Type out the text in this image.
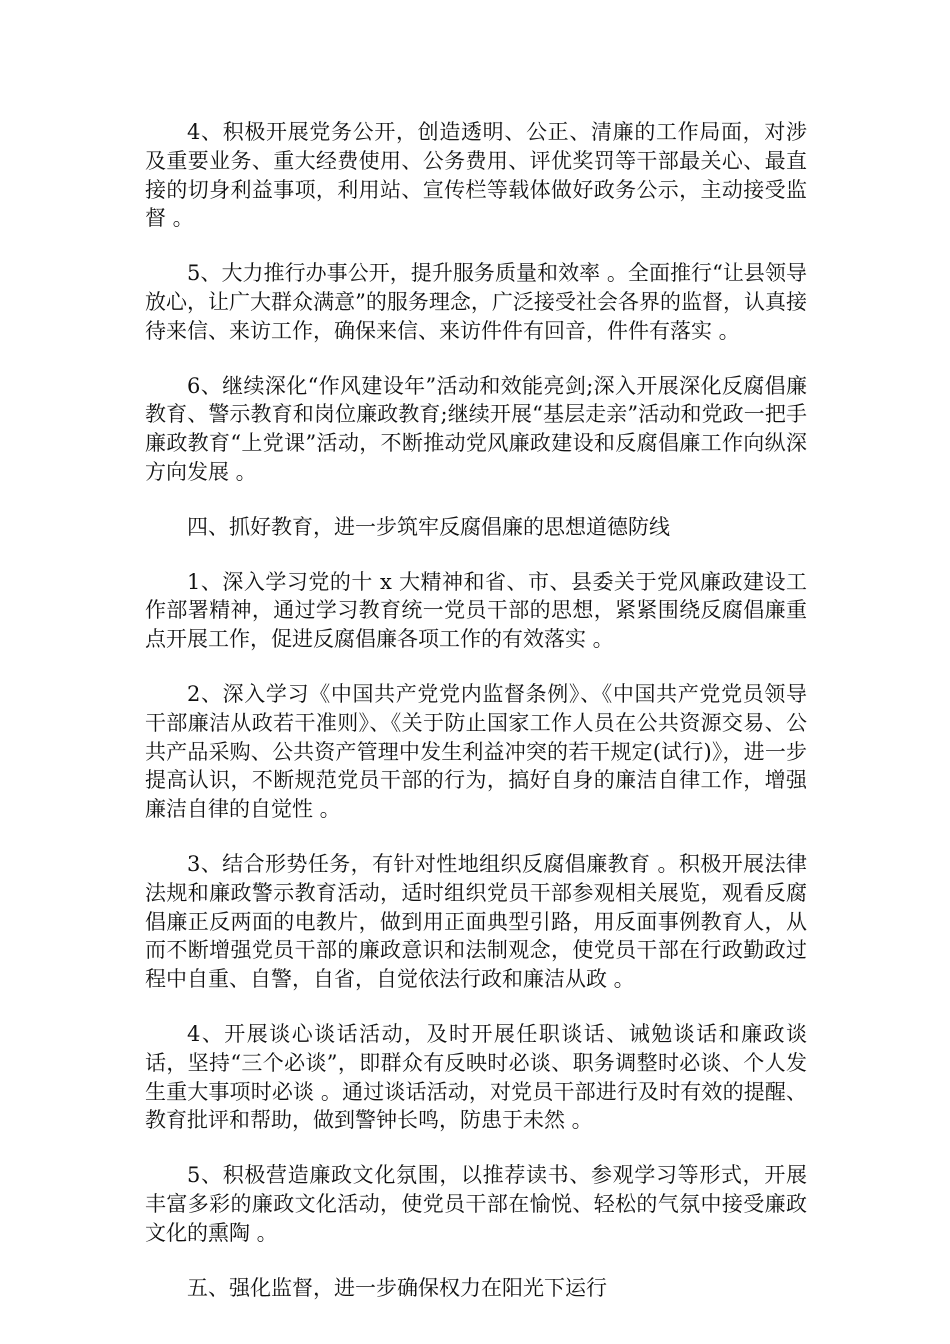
4、积极开展党务公开，创造透明、公正、清廉的工作局面，对涉及重要业务、重大经费使用、公务费用、评优奖罚等干部最关心、最直接的切身利益事项，利用站、宣传栏等载体做好政务公示，主动接受监督 。

5、大力推行办事公开，提升服务质量和效率 。全面推行“让县领导放心，让广大群众满意”的服务理念，广泛接受社会各界的监督，认真接待来信、来访工作，确保来信、来访件件有回音，件件有落实 。

6、继续深化“作风建设年”活动和效能亮剑;深入开展深化反腐倡廉教育、警示教育和岗位廉政教育;继续开展“基层走亲”活动和党政一把手廉政教育“上党课”活动，不断推动党风廉政建设和反腐倡廉工作向纵深方向发展 。

四、抓好教育，进一步筑牢反腐倡廉的思想道德防线

1、深入学习党的十 x 大精神和省、市、县委关于党风廉政建设工作部署精神，通过学习教育统一党员干部的思想，紧紧围绕反腐倡廉重点开展工作，促进反腐倡廉各项工作的有效落实 。

2、深入学习《中国共产党党内监督条例》、《中国共产党党员领导干部廉洁从政若干准则》、《关于防止国家工作人员在公共资源交易、公共产品采购、公共资产管理中发生利益冲突的若干规定(试行)》，进一步提高认识，不断规范党员干部的行为，搞好自身的廉洁自律工作，增强廉洁自律的自觉性 。

3、结合形势任务，有针对性地组织反腐倡廉教育 。积极开展法律法规和廉政警示教育活动，适时组织党员干部参观相关展览，观看反腐倡廉正反两面的电教片，做到用正面典型引路，用反面事例教育人，从而不断增强党员干部的廉政意识和法制观念，使党员干部在行政勤政过程中自重、自警，自省，自觉依法行政和廉洁从政 。

4、开展谈心谈话活动，及时开展任职谈话、诫勉谈话和廉政谈话，坚持“三个必谈”，即群众有反映时必谈、职务调整时必谈、个人发生重大事项时必谈 。通过谈话活动，对党员干部进行及时有效的提醒、教育批评和帮助，做到警钟长鸣，防患于未然 。

5、积极营造廉政文化氛围，以推荐读书、参观学习等形式，开展丰富多彩的廉政文化活动，使党员干部在愉悦、轻松的气氛中接受廉政文化的熏陶 。

五、强化监督，进一步确保权力在阳光下运行
